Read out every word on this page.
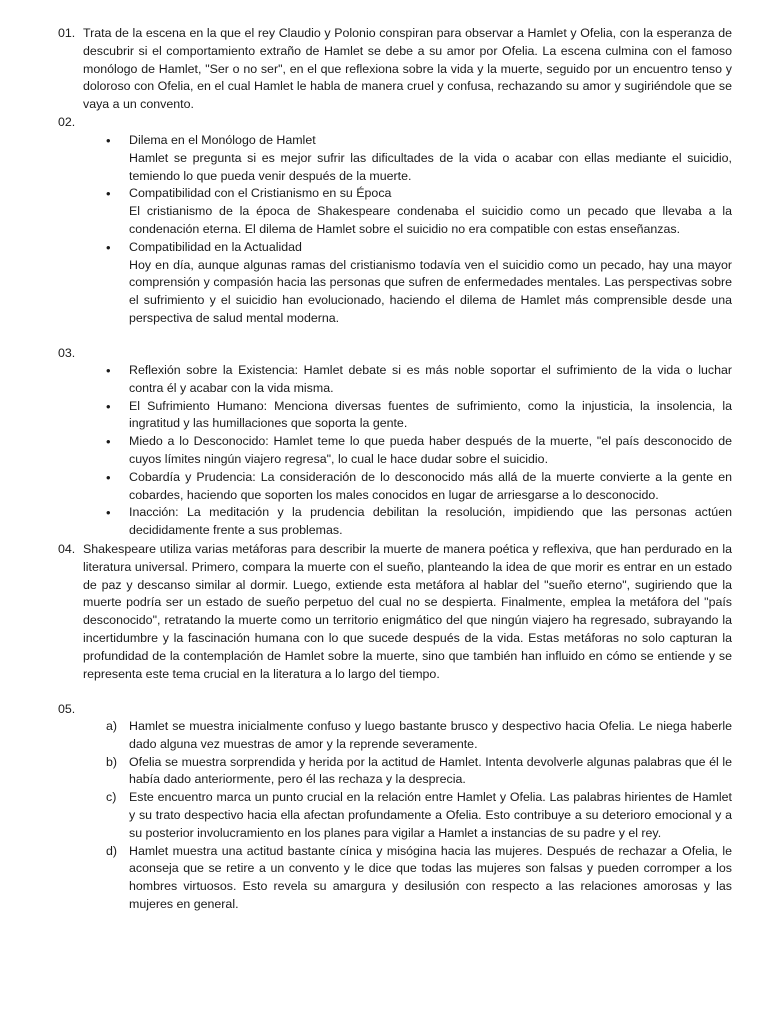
01. Trata de la escena en la que el rey Claudio y Polonio conspiran para observar a Hamlet y Ofelia, con la esperanza de descubrir si el comportamiento extraño de Hamlet se debe a su amor por Ofelia. La escena culmina con el famoso monólogo de Hamlet, "Ser o no ser", en el que reflexiona sobre la vida y la muerte, seguido por un encuentro tenso y doloroso con Ofelia, en el cual Hamlet le habla de manera cruel y confusa, rechazando su amor y sugiriéndole que se vaya a un convento.
02.
• Dilema en el Monólogo de Hamlet
Hamlet se pregunta si es mejor sufrir las dificultades de la vida o acabar con ellas mediante el suicidio, temiendo lo que pueda venir después de la muerte.
• Compatibilidad con el Cristianismo en su Época
El cristianismo de la época de Shakespeare condenaba el suicidio como un pecado que llevaba a la condenación eterna. El dilema de Hamlet sobre el suicidio no era compatible con estas enseñanzas.
• Compatibilidad en la Actualidad
Hoy en día, aunque algunas ramas del cristianismo todavía ven el suicidio como un pecado, hay una mayor comprensión y compasión hacia las personas que sufren de enfermedades mentales. Las perspectivas sobre el sufrimiento y el suicidio han evolucionado, haciendo el dilema de Hamlet más comprensible desde una perspectiva de salud mental moderna.
03.
• Reflexión sobre la Existencia: Hamlet debate si es más noble soportar el sufrimiento de la vida o luchar contra él y acabar con la vida misma.
• El Sufrimiento Humano: Menciona diversas fuentes de sufrimiento, como la injusticia, la insolencia, la ingratitud y las humillaciones que soporta la gente.
• Miedo a lo Desconocido: Hamlet teme lo que pueda haber después de la muerte, "el país desconocido de cuyos límites ningún viajero regresa", lo cual le hace dudar sobre el suicidio.
• Cobardía y Prudencia: La consideración de lo desconocido más allá de la muerte convierte a la gente en cobardes, haciendo que soporten los males conocidos en lugar de arriesgarse a lo desconocido.
• Inacción: La meditación y la prudencia debilitan la resolución, impidiendo que las personas actúen decididamente frente a sus problemas.
04. Shakespeare utiliza varias metáforas para describir la muerte de manera poética y reflexiva, que han perdurado en la literatura universal. Primero, compara la muerte con el sueño, planteando la idea de que morir es entrar en un estado de paz y descanso similar al dormir. Luego, extiende esta metáfora al hablar del "sueño eterno", sugiriendo que la muerte podría ser un estado de sueño perpetuo del cual no se despierta. Finalmente, emplea la metáfora del "país desconocido", retratando la muerte como un territorio enigmático del que ningún viajero ha regresado, subrayando la incertidumbre y la fascinación humana con lo que sucede después de la vida. Estas metáforas no solo capturan la profundidad de la contemplación de Hamlet sobre la muerte, sino que también han influido en cómo se entiende y se representa este tema crucial en la literatura a lo largo del tiempo.
05.
a) Hamlet se muestra inicialmente confuso y luego bastante brusco y despectivo hacia Ofelia. Le niega haberle dado alguna vez muestras de amor y la reprende severamente.
b) Ofelia se muestra sorprendida y herida por la actitud de Hamlet. Intenta devolverle algunas palabras que él le había dado anteriormente, pero él las rechaza y la desprecia.
c) Este encuentro marca un punto crucial en la relación entre Hamlet y Ofelia. Las palabras hirientes de Hamlet y su trato despectivo hacia ella afectan profundamente a Ofelia. Esto contribuye a su deterioro emocional y a su posterior involucramiento en los planes para vigilar a Hamlet a instancias de su padre y el rey.
d) Hamlet muestra una actitud bastante cínica y misógina hacia las mujeres. Después de rechazar a Ofelia, le aconseja que se retire a un convento y le dice que todas las mujeres son falsas y pueden corromper a los hombres virtuosos. Esto revela su amargura y desilusión con respecto a las relaciones amorosas y las mujeres en general.
